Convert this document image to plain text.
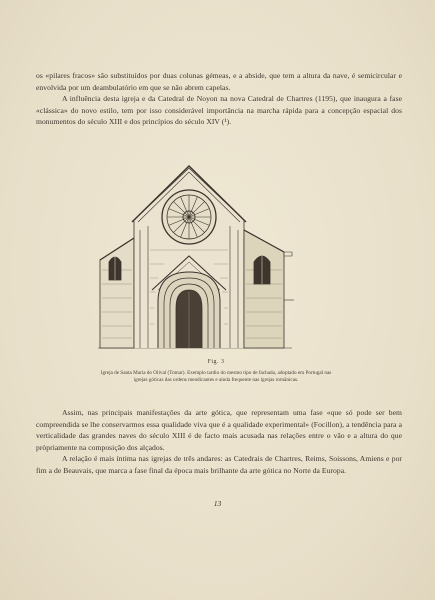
os «pilares fracos» são substituídos por duas colunas gémeas, e a abside, que tem a altura da nave, é semicircular e envolvida por um deambulatório em que se não abrem capelas.

A influência desta igreja e da Catedral de Noyon na nova Catedral de Chartres (1195), que inaugura a fase «clássica» do novo estilo, tem por isso considerável importância na marcha rápida para a concepção espacial dos monumentos do século XIII e dos princípios do século XIV (¹).

Fig. 3
Igreja de Santa Maria do Olival (Tomar). Exemplo tardio do mesmo tipo de fachada, adoptado em Portugal nas igrejas góticas das ordens mendicantes e ainda frequente nas igrejas românicas.

Assim, nas principais manifestações da arte gótica, que representam uma fase «que só pode ser bem compreendida se lhe conservarmos essa qualidade viva que é a qualidade experimental» (Focillon), a tendência para a verticalidade das grandes naves do século XIII é de facto mais acusada nas relações entre o vão e a altura do que pròpriamente na composição dos alçados.

A relação é mais íntima nas igrejas de três andares: as Catedrais de Chartres, Reims, Soissons, Amiens e por fim a de Beauvais, que marca a fase final da época mais brilhante da arte gótica no Norte da Europa.

13
